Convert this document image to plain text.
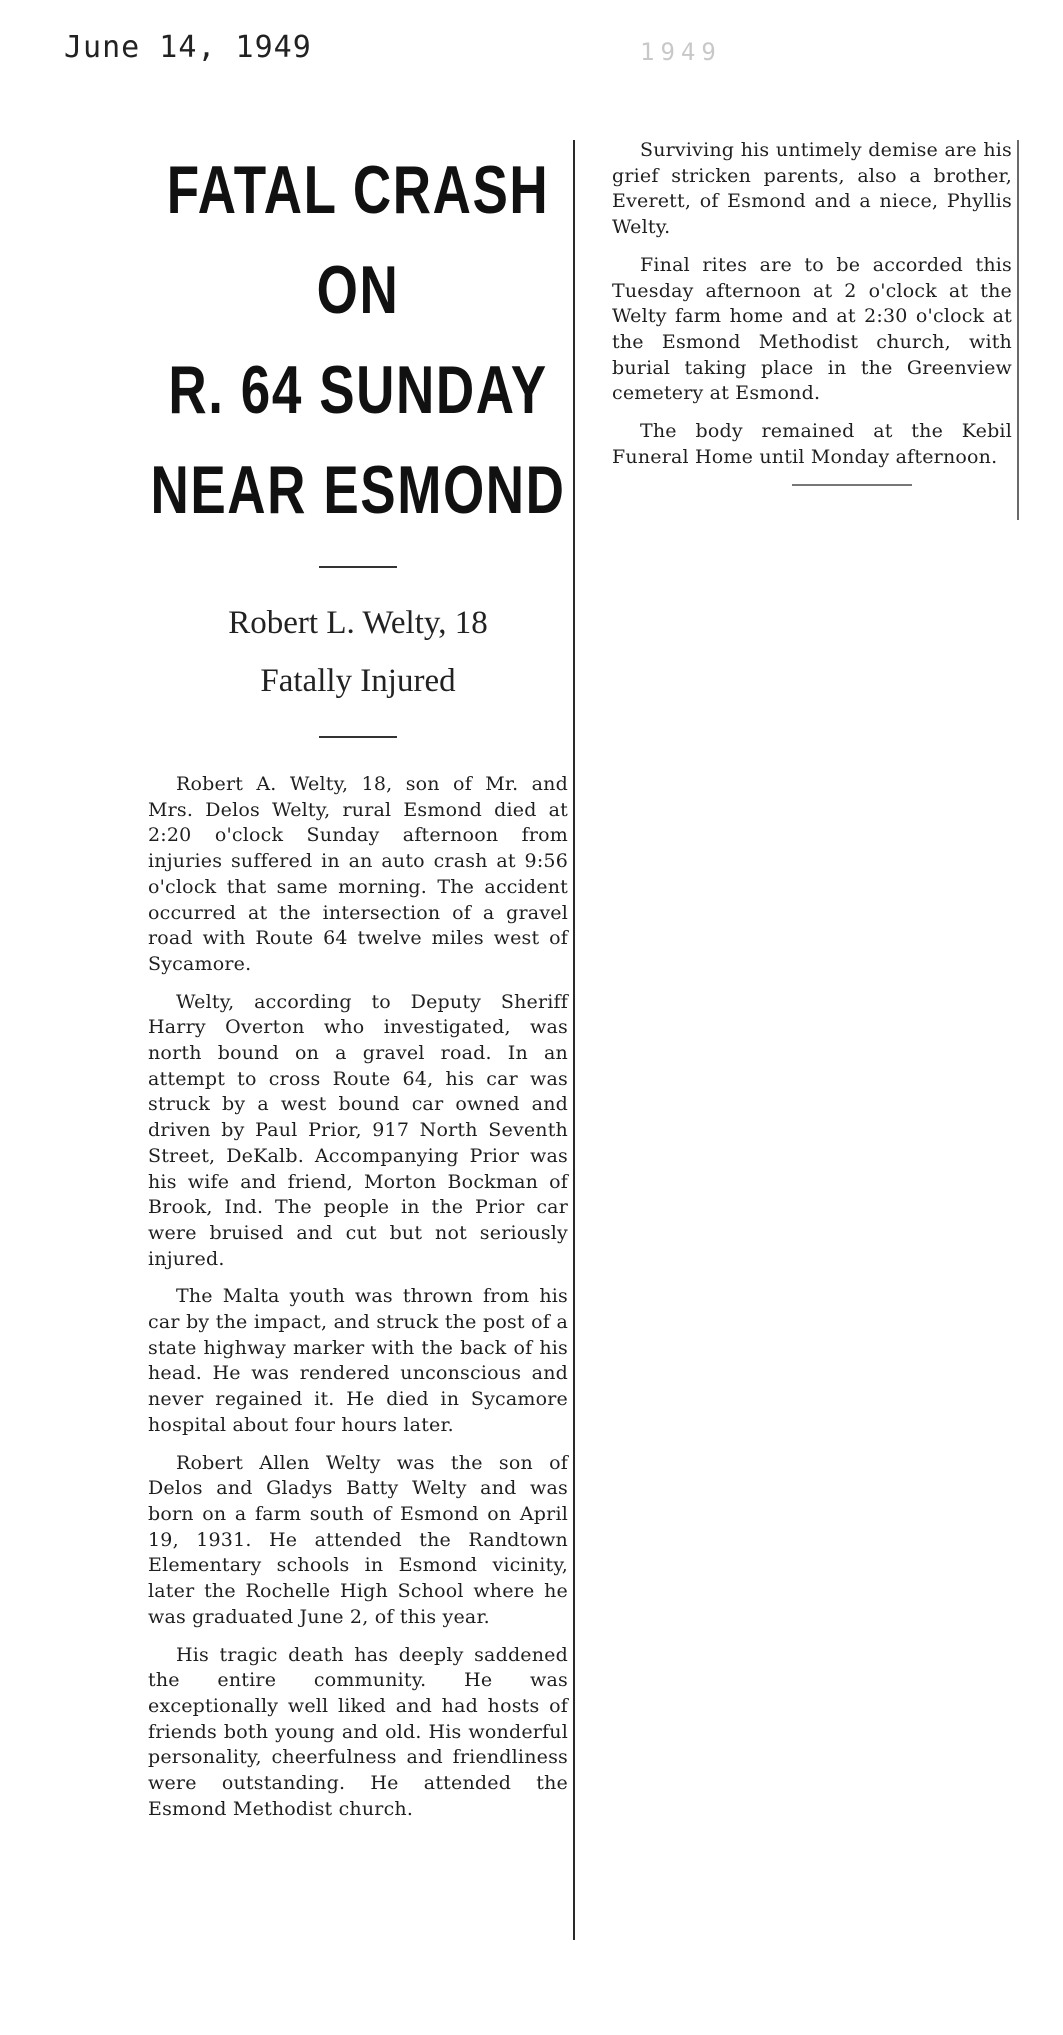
June 14, 1949	1949
FATAL CRASH ON
R. 64 SUNDAY
NEAR ESMOND

Robert L. Welty, 18

Fatally Injured

Robert A. Welty, 18, son of Mr. and Mrs. Delos Welty, rural Esmond died at 2:20 o'clock Sunday afternoon from injuries suffered in an auto crash at 9:56 o'clock that same morning. The accident occurred at the intersection of a gravel road with Route 64 twelve miles west of Sycamore.

Welty, according to Deputy Sheriff Harry Overton who investigated, was north bound on a gravel road. In an attempt to cross Route 64, his car was struck by a west bound car owned and driven by Paul Prior, 917 North Seventh Street, DeKalb. Accompanying Prior was his wife and friend, Morton Bockman of Brook, Ind. The people in the Prior car were bruised and cut but not seriously injured.

The Malta youth was thrown from his car by the impact, and struck the post of a state highway marker with the back of his head. He was rendered unconscious and never regained it. He died in Sycamore hospital about four hours later.

Robert Allen Welty was the son of Delos and Gladys Batty Welty and was born on a farm south of Esmond on April 19, 1931. He attended the Randtown Elementary schools in Esmond vicinity, later the Rochelle High School where he was graduated June 2, of this year.

His tragic death has deeply saddened the entire community. He was exceptionally well liked and had hosts of friends both young and old. His wonderful personality, cheerfulness and friendliness were outstanding. He attended the Esmond Methodist church.

Surviving his untimely demise are his grief stricken parents, also a brother, Everett, of Esmond and a niece, Phyllis Welty.

Final rites are to be accorded this Tuesday afternoon at 2 o'clock at the Welty farm home and at 2:30 o'clock at the Esmond Methodist church, with burial taking place in the Greenview cemetery at Esmond.

The body remained at the Kebil Funeral Home until Monday afternoon.
